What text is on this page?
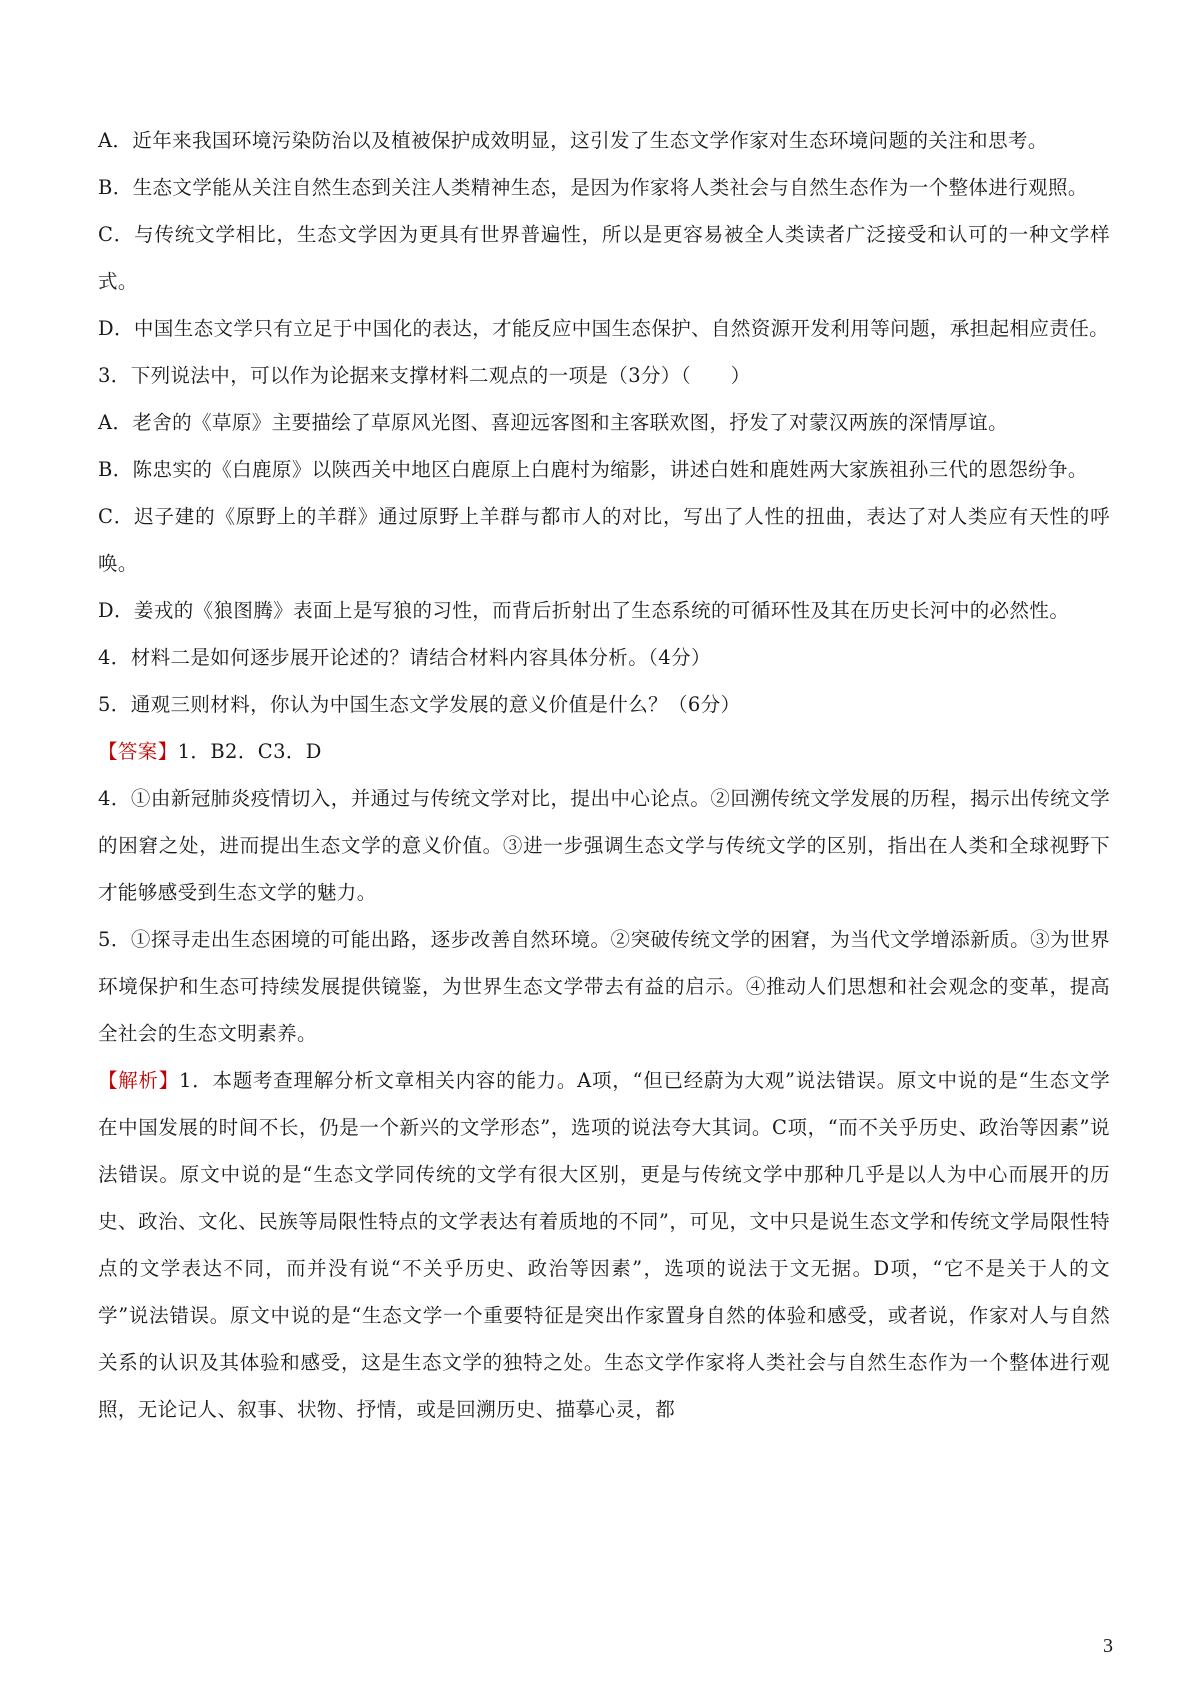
A．近年来我国环境污染防治以及植被保护成效明显，这引发了生态文学作家对生态环境问题的关注和思考。

B．生态文学能从关注自然生态到关注人类精神生态，是因为作家将人类社会与自然生态作为一个整体进行观照。

C．与传统文学相比，生态文学因为更具有世界普遍性，所以是更容易被全人类读者广泛接受和认可的一种文学样式。

D．中国生态文学只有立足于中国化的表达，才能反应中国生态保护、自然资源开发利用等问题，承担起相应责任。

3．下列说法中，可以作为论据来支撑材料二观点的一项是（3分）（　　）

A．老舍的《草原》主要描绘了草原风光图、喜迎远客图和主客联欢图，抒发了对蒙汉两族的深情厚谊。

B．陈忠实的《白鹿原》以陕西关中地区白鹿原上白鹿村为缩影，讲述白姓和鹿姓两大家族祖孙三代的恩怨纷争。

C．迟子建的《原野上的羊群》通过原野上羊群与都市人的对比，写出了人性的扭曲，表达了对人类应有天性的呼唤。

D．姜戎的《狼图腾》表面上是写狼的习性，而背后折射出了生态系统的可循环性及其在历史长河中的必然性。

4．材料二是如何逐步展开论述的？请结合材料内容具体分析。（4分）

5．通观三则材料，你认为中国生态文学发展的意义价值是什么？（6分）

【答案】1．B2．C3．D

4．①由新冠肺炎疫情切入，并通过与传统文学对比，提出中心论点。②回溯传统文学发展的历程，揭示出传统文学的困窘之处，进而提出生态文学的意义价值。③进一步强调生态文学与传统文学的区别，指出在人类和全球视野下才能够感受到生态文学的魅力。

5．①探寻走出生态困境的可能出路，逐步改善自然环境。②突破传统文学的困窘，为当代文学增添新质。③为世界环境保护和生态可持续发展提供镜鉴，为世界生态文学带去有益的启示。④推动人们思想和社会观念的变革，提高全社会的生态文明素养。

【解析】1．本题考查理解分析文章相关内容的能力。A项，“但已经蔚为大观”说法错误。原文中说的是“生态文学在中国发展的时间不长，仍是一个新兴的文学形态”，选项的说法夸大其词。C项，“而不关乎历史、政治等因素”说法错误。原文中说的是“生态文学同传统的文学有很大区别，更是与传统文学中那种几乎是以人为中心而展开的历史、政治、文化、民族等局限性特点的文学表达有着质地的不同”，可见，文中只是说生态文学和传统文学局限性特点的文学表达不同，而并没有说“不关乎历史、政治等因素”，选项的说法于文无据。D项，“它不是关于人的文学”说法错误。原文中说的是“生态文学一个重要特征是突出作家置身自然的体验和感受，或者说，作家对人与自然关系的认识及其体验和感受，这是生态文学的独特之处。生态文学作家将人类社会与自然生态作为一个整体进行观照，无论记人、叙事、状物、抒情，或是回溯历史、描摹心灵，都

3
